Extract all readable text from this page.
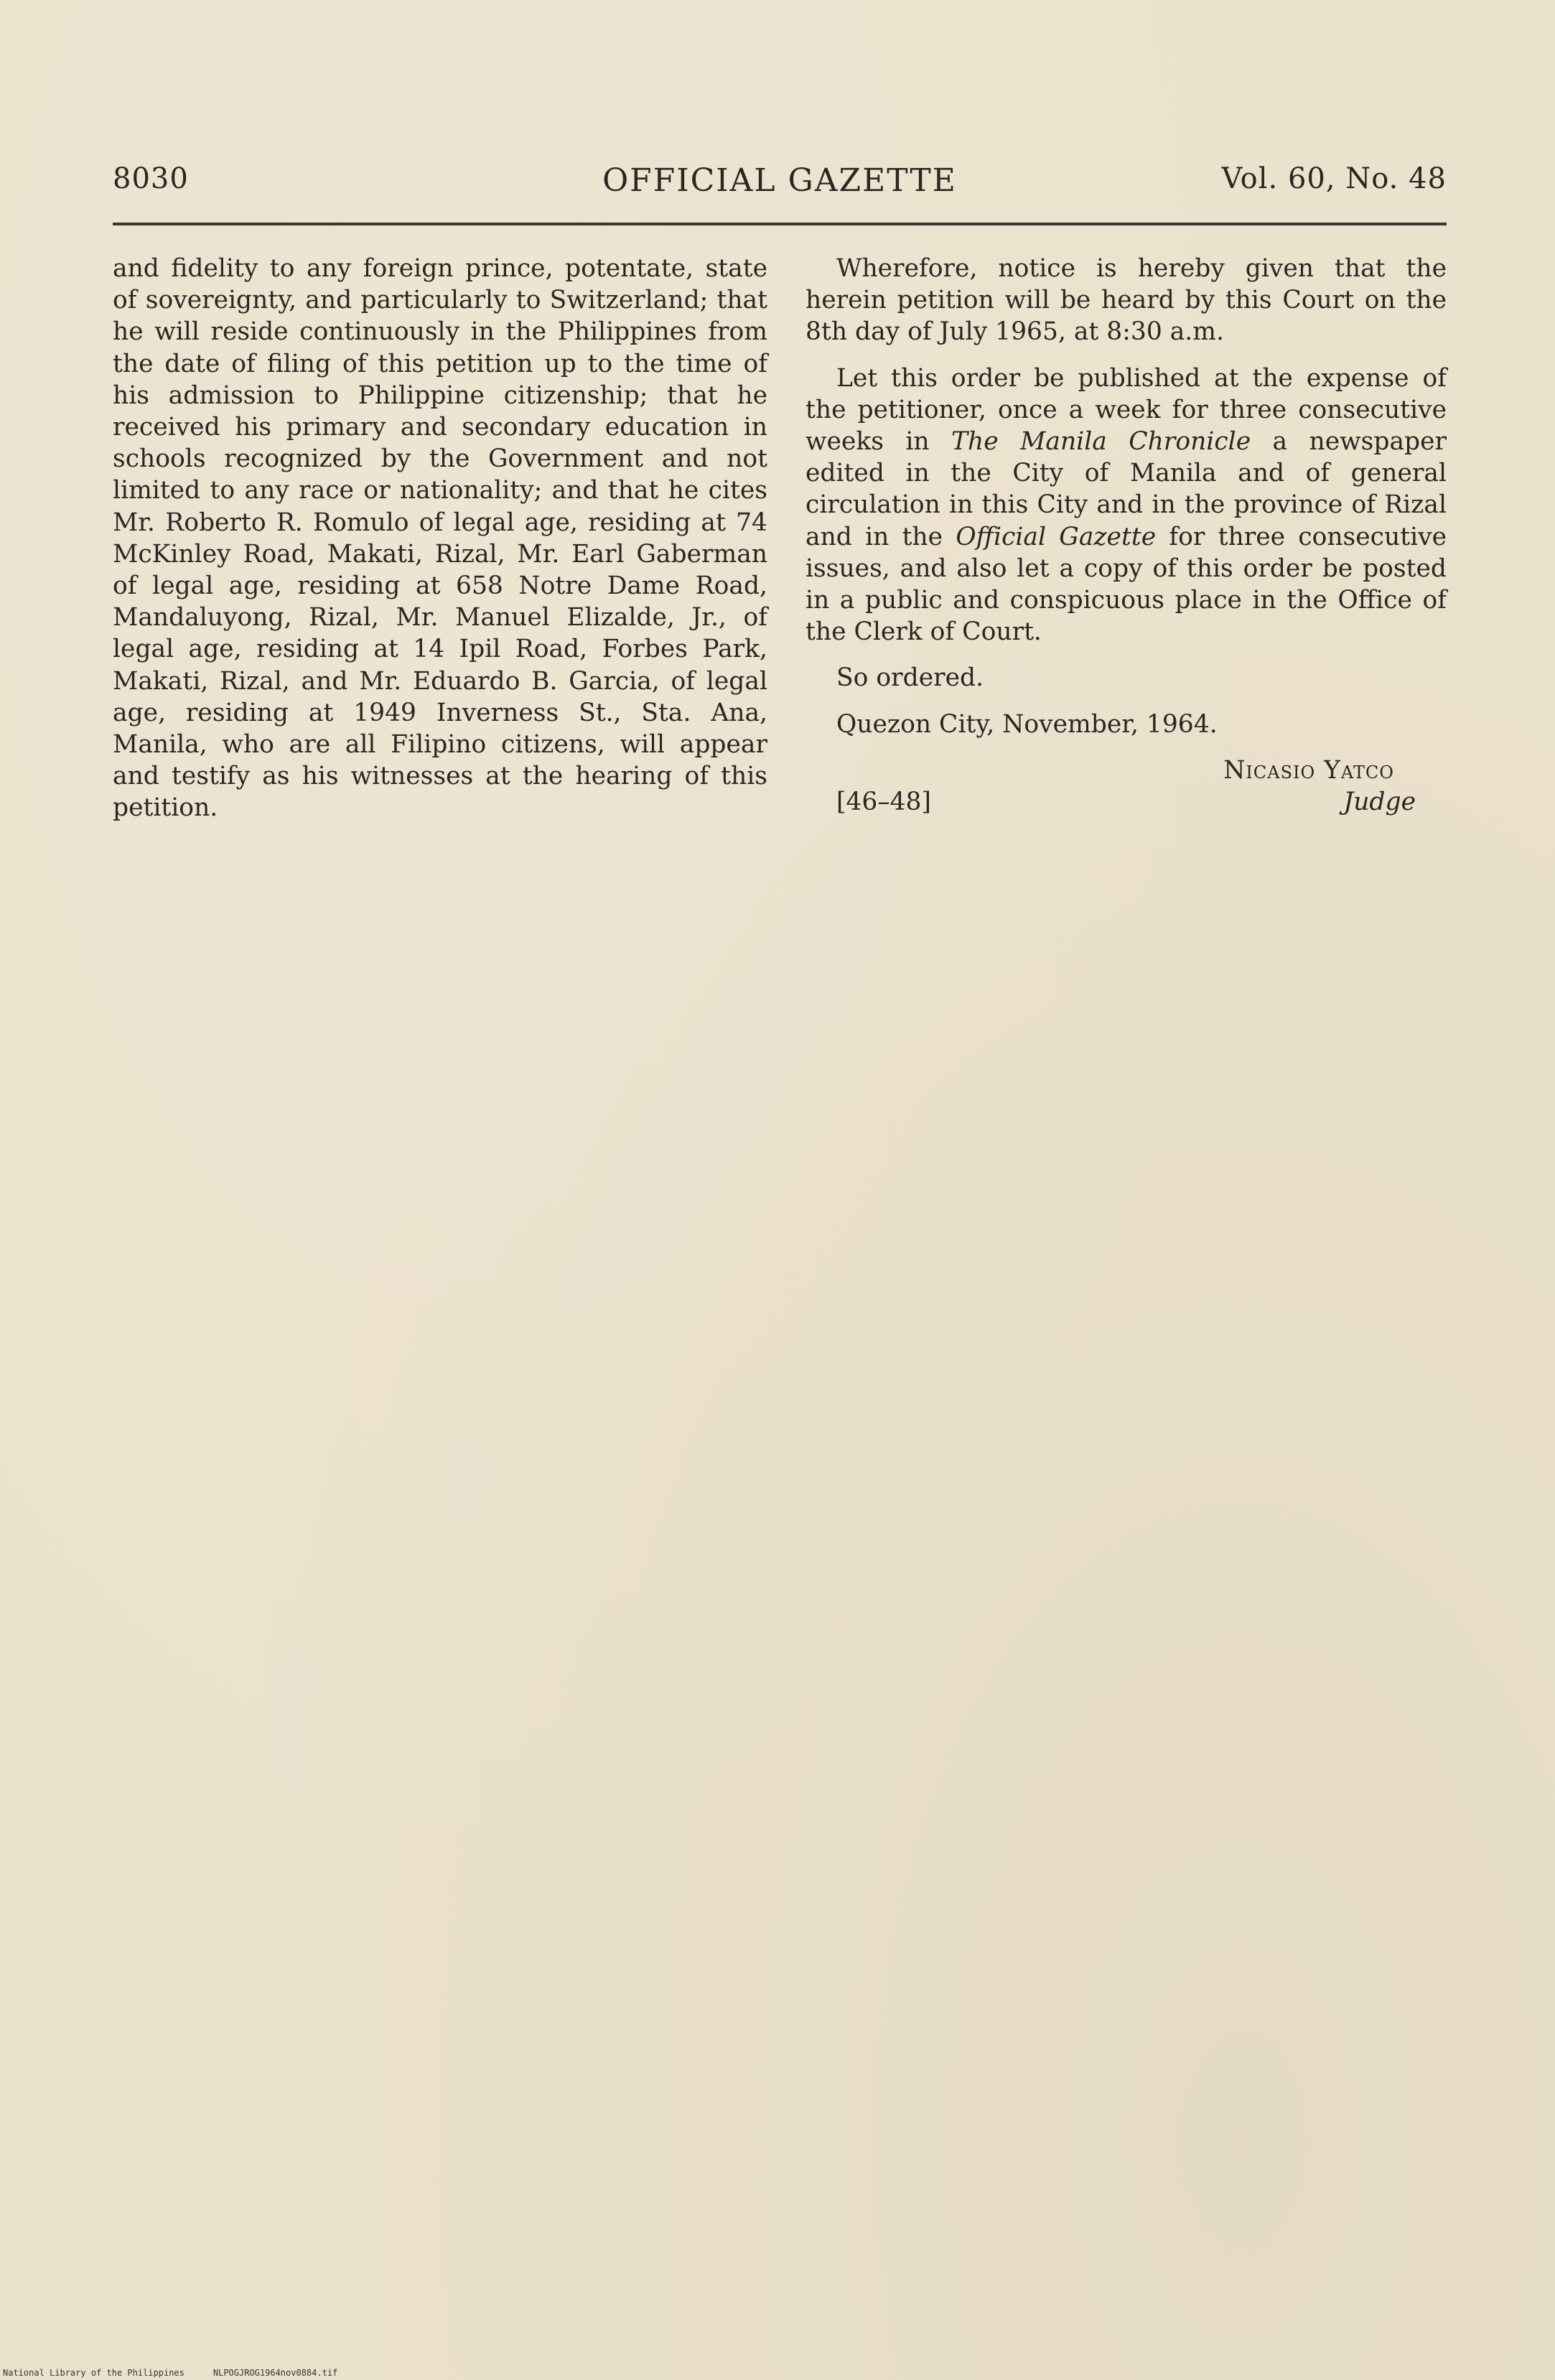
8030	OFFICIAL GAZETTE	Vol. 60, No. 48

and fidelity to any foreign prince, potentate, state of sovereignty, and particularly to Switzerland; that he will reside continuously in the Philippines from the date of filing of this petition up to the time of his admission to Philippine citizenship; that he received his primary and secondary education in schools recognized by the Government and not limited to any race or nationality; and that he cites Mr. Roberto R. Romulo of legal age, residing at 74 McKinley Road, Makati, Rizal, Mr. Earl Gaberman of legal age, residing at 658 Notre Dame Road, Mandaluyong, Rizal, Mr. Manuel Elizalde, Jr., of legal age, residing at 14 Ipil Road, Forbes Park, Makati, Rizal, and Mr. Eduardo B. Garcia, of legal age, residing at 1949 Inverness St., Sta. Ana, Manila, who are all Filipino citizens, will appear and testify as his witnesses at the hearing of this petition.

Wherefore, notice is hereby given that the herein petition will be heard by this Court on the 8th day of July 1965, at 8:30 a.m.

Let this order be published at the expense of the petitioner, once a week for three consecutive weeks in The Manila Chronicle a newspaper edited in the City of Manila and of general circulation in this City and in the province of Rizal and in the Official Gazette for three consecutive issues, and also let a copy of this order be posted in a public and conspicuous place in the Office of the Clerk of Court.

So ordered.

Quezon City, November, 1964.

Nicasio Yatco
[46–48]	Judge
National Library of the Philippines	NLPOGJROG1964nov0884.tif
